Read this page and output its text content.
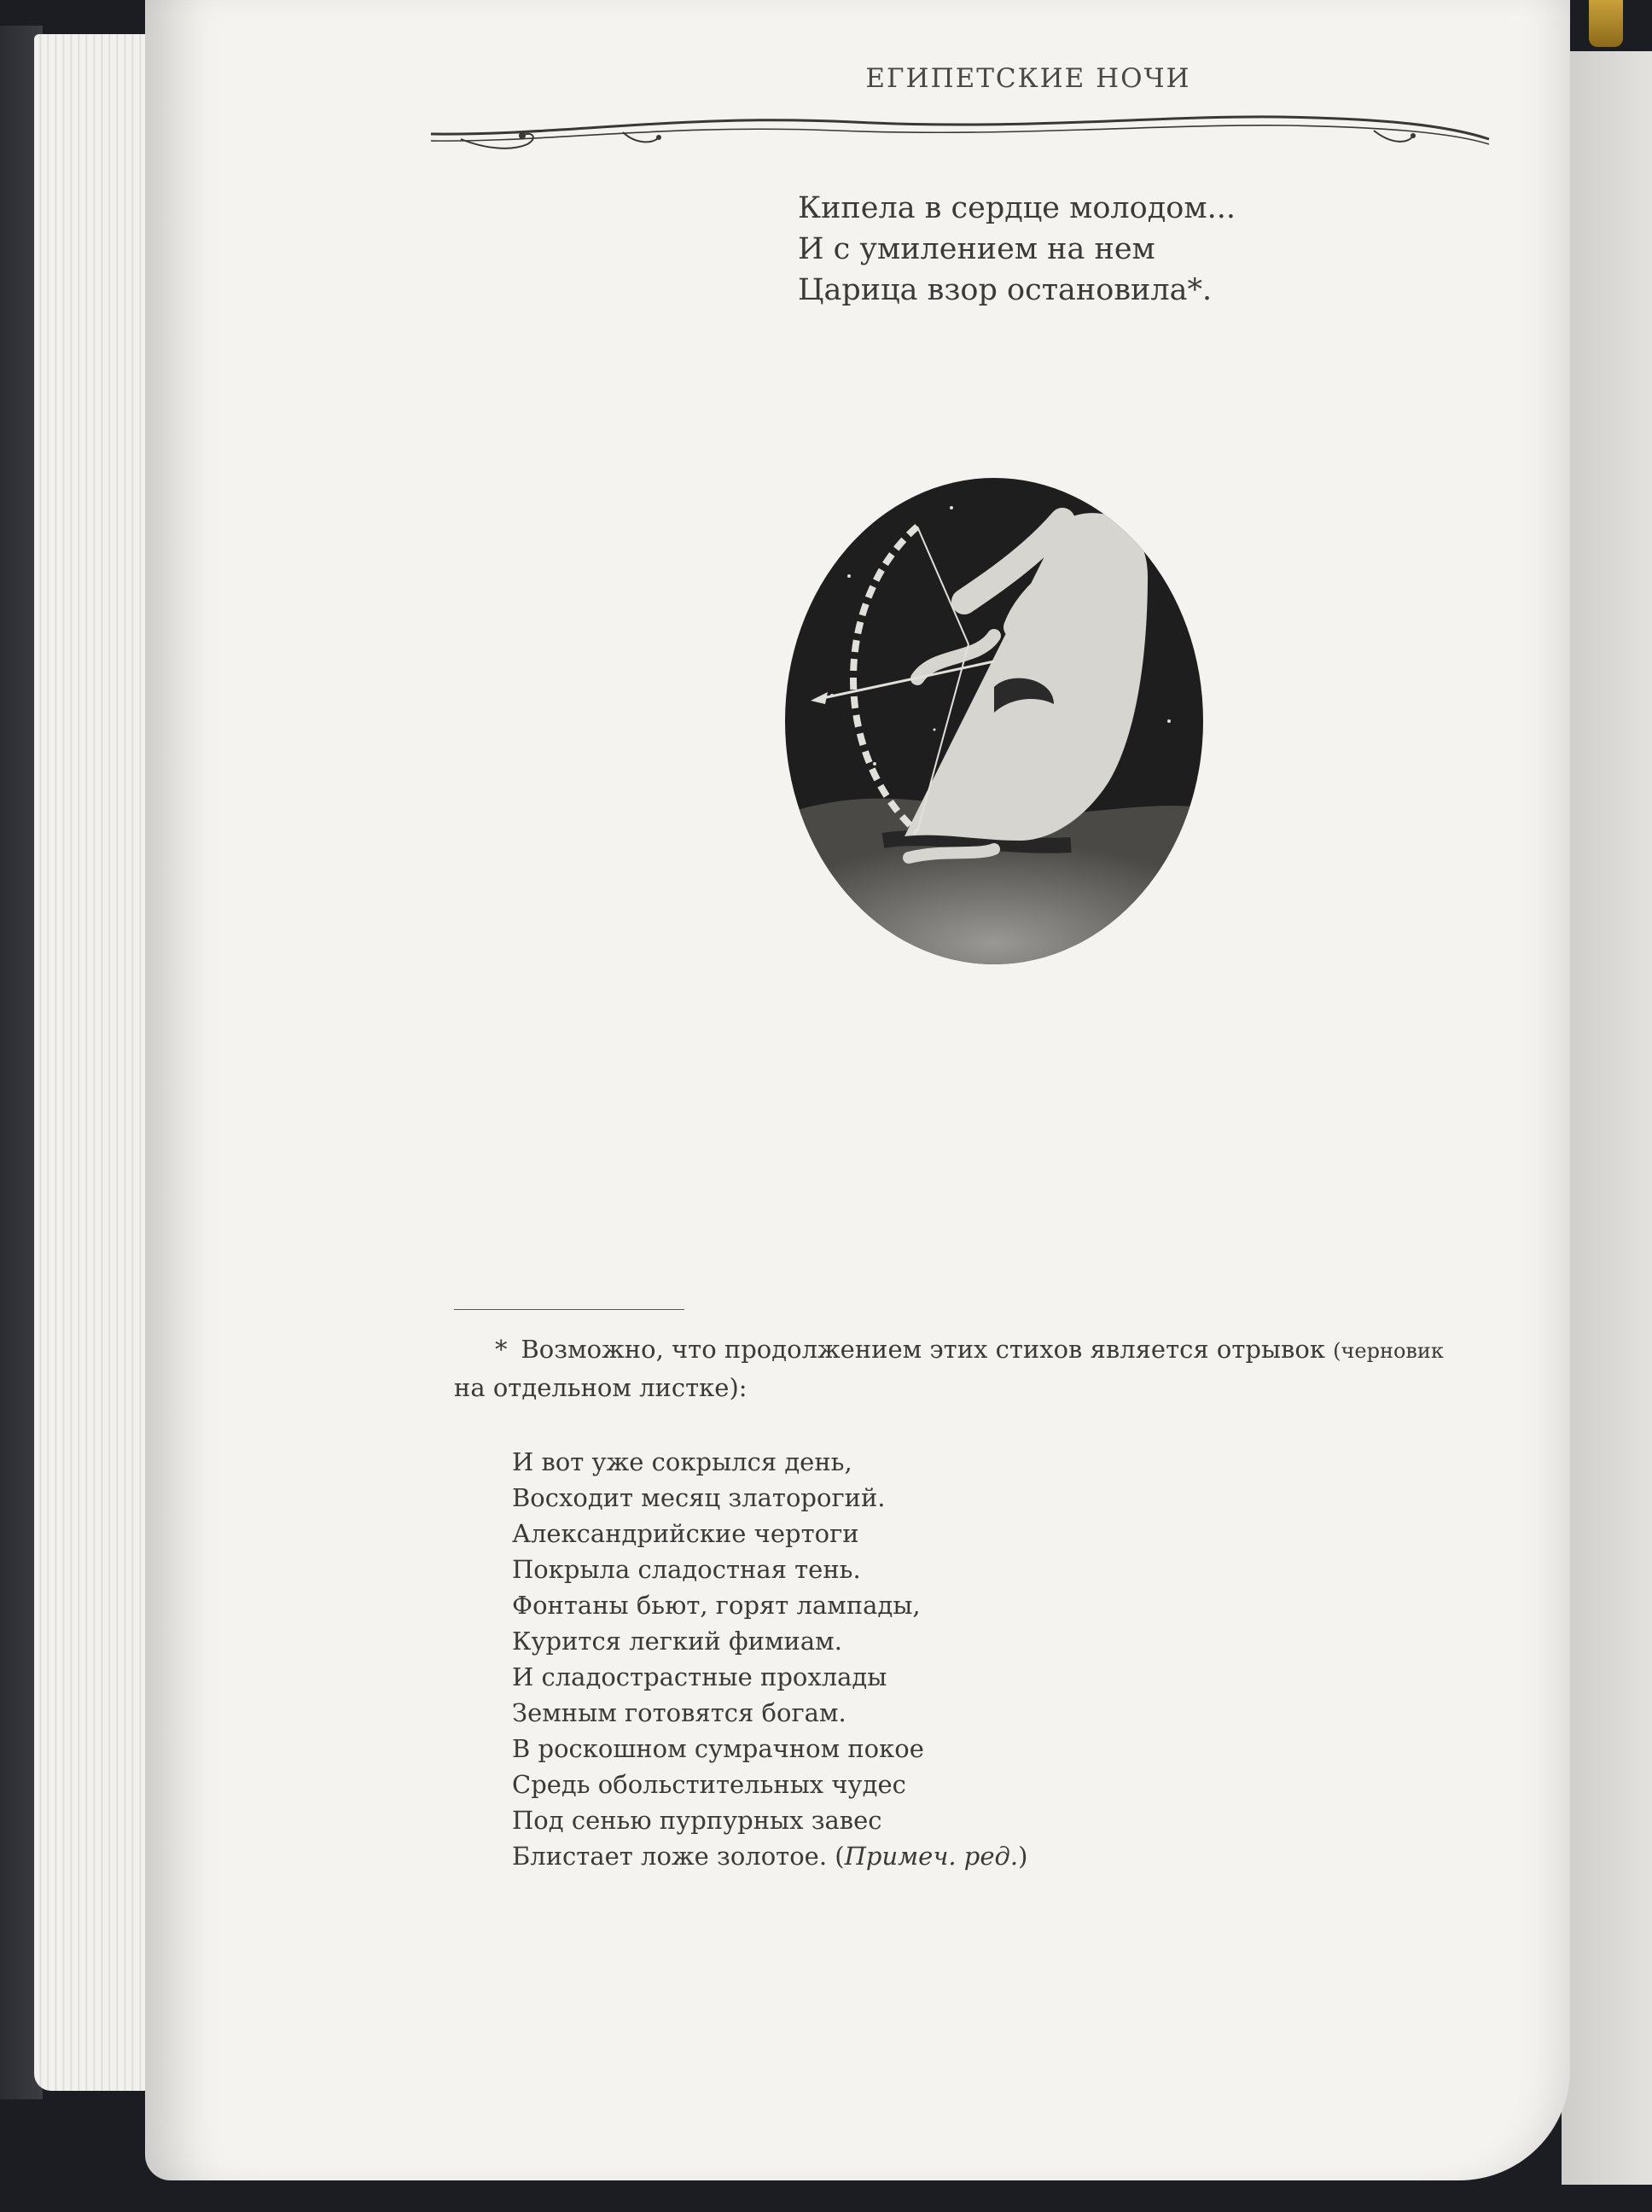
ЕГИПЕТСКИЕ НОЧИ
Кипела в сердце молодом...
И с умилением на нем
Царица взор остановила*.
* Возможно, что продолжением этих стихов является отрывок (черновик
на отдельном листке):
И вот уже сокрылся день,
Восходит месяц златорогий.
Александрийские чертоги
Покрыла сладостная тень.
Фонтаны бьют, горят лампады,
Курится легкий фимиам.
И сладострастные прохлады
Земным готовятся богам.
В роскошном сумрачном покое
Средь обольстительных чудес
Под сенью пурпурных завес
Блистает ложе золотое. (Примеч. ред.)
